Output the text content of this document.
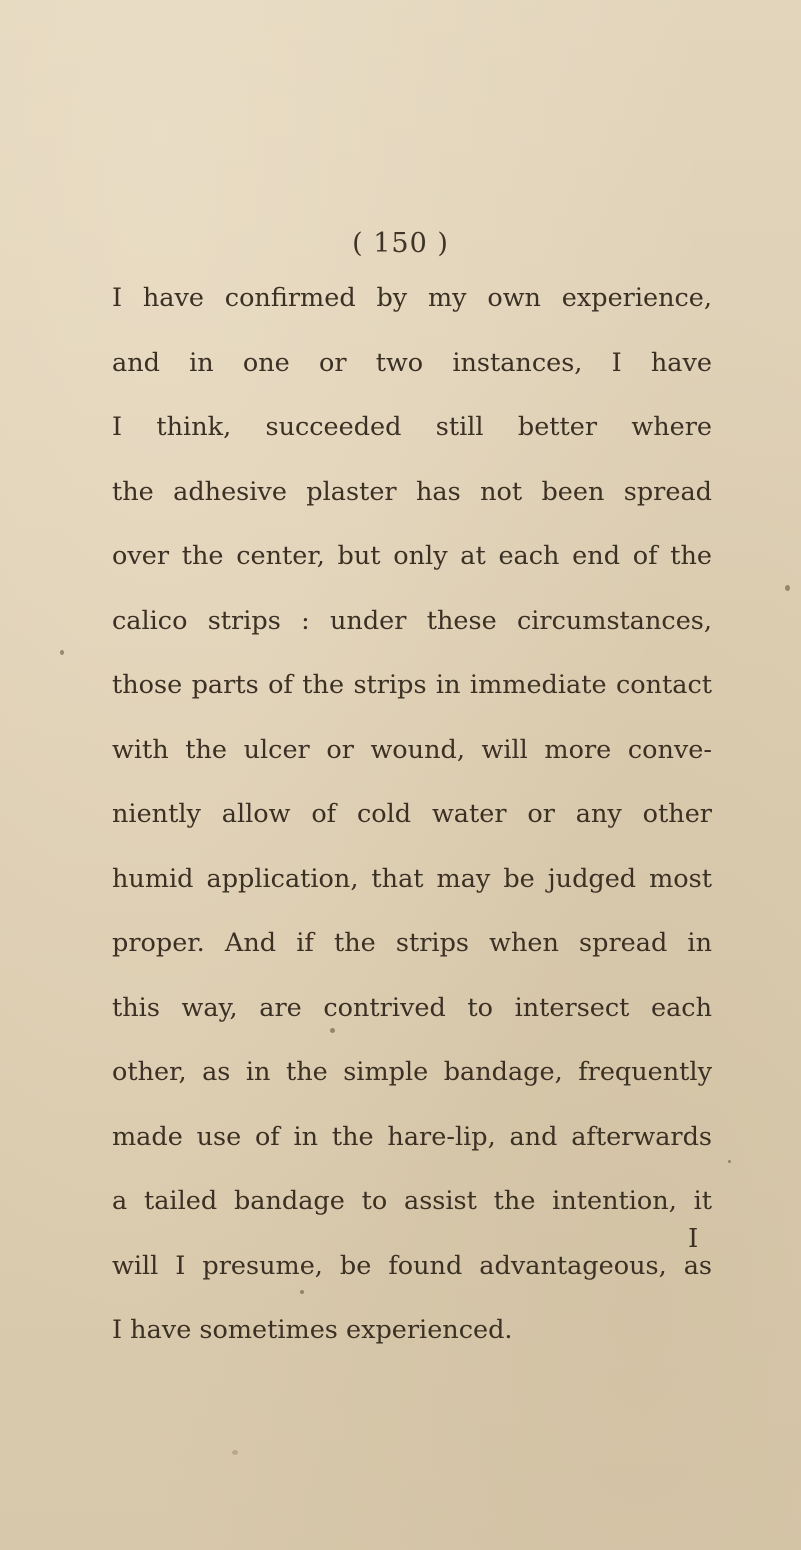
( 150 )
I have confirmed by my own experience,
and in one or two instances, I have
I think, succeeded still better where
the adhesive plaster has not been spread
over the center, but only at each end of the
calico strips : under these circumstances,
those parts of the strips in immediate contact
with the ulcer or wound, will more conve-
niently allow of cold water or any other
humid application, that may be judged most
proper. And if the strips when spread in
this way, are contrived to intersect each
other, as in the simple bandage, frequently
made use of in the hare-lip, and afterwards
a tailed bandage to assist the intention, it
will I presume, be found advantageous, as
I have sometimes experienced.
I
